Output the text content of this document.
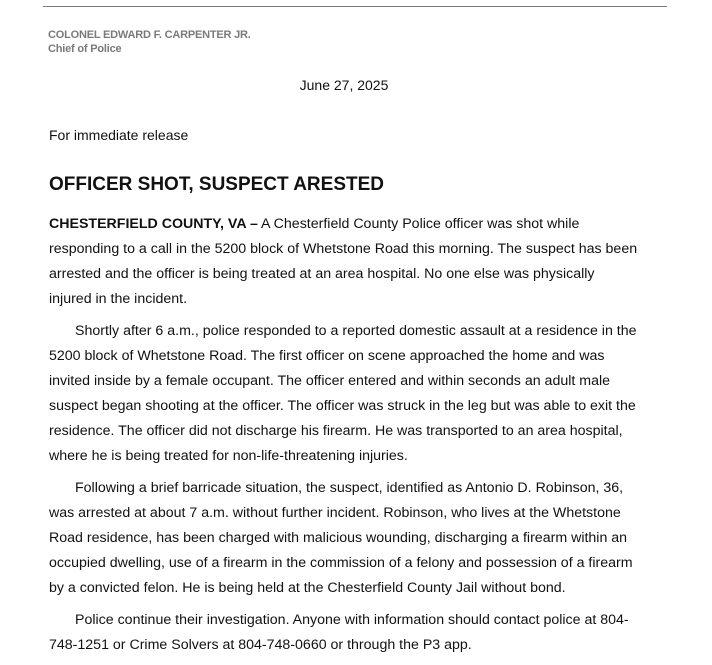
COLONEL EDWARD F. CARPENTER JR.
Chief of Police
June 27, 2025
For immediate release
OFFICER SHOT, SUSPECT ARESTED

CHESTERFIELD COUNTY, VA – A Chesterfield County Police officer was shot while responding to a call in the 5200 block of Whetstone Road this morning. The suspect has been arrested and the officer is being treated at an area hospital. No one else was physically injured in the incident.

Shortly after 6 a.m., police responded to a reported domestic assault at a residence in the 5200 block of Whetstone Road. The first officer on scene approached the home and was invited inside by a female occupant. The officer entered and within seconds an adult male suspect began shooting at the officer. The officer was struck in the leg but was able to exit the residence. The officer did not discharge his firearm. He was transported to an area hospital, where he is being treated for non-life-threatening injuries.

Following a brief barricade situation, the suspect, identified as Antonio D. Robinson, 36, was arrested at about 7 a.m. without further incident. Robinson, who lives at the Whetstone Road residence, has been charged with malicious wounding, discharging a firearm within an occupied dwelling, use of a firearm in the commission of a felony and possession of a firearm by a convicted felon. He is being held at the Chesterfield County Jail without bond.

Police continue their investigation. Anyone with information should contact police at 804-748-1251 or Crime Solvers at 804-748-0660 or through the P3 app.
